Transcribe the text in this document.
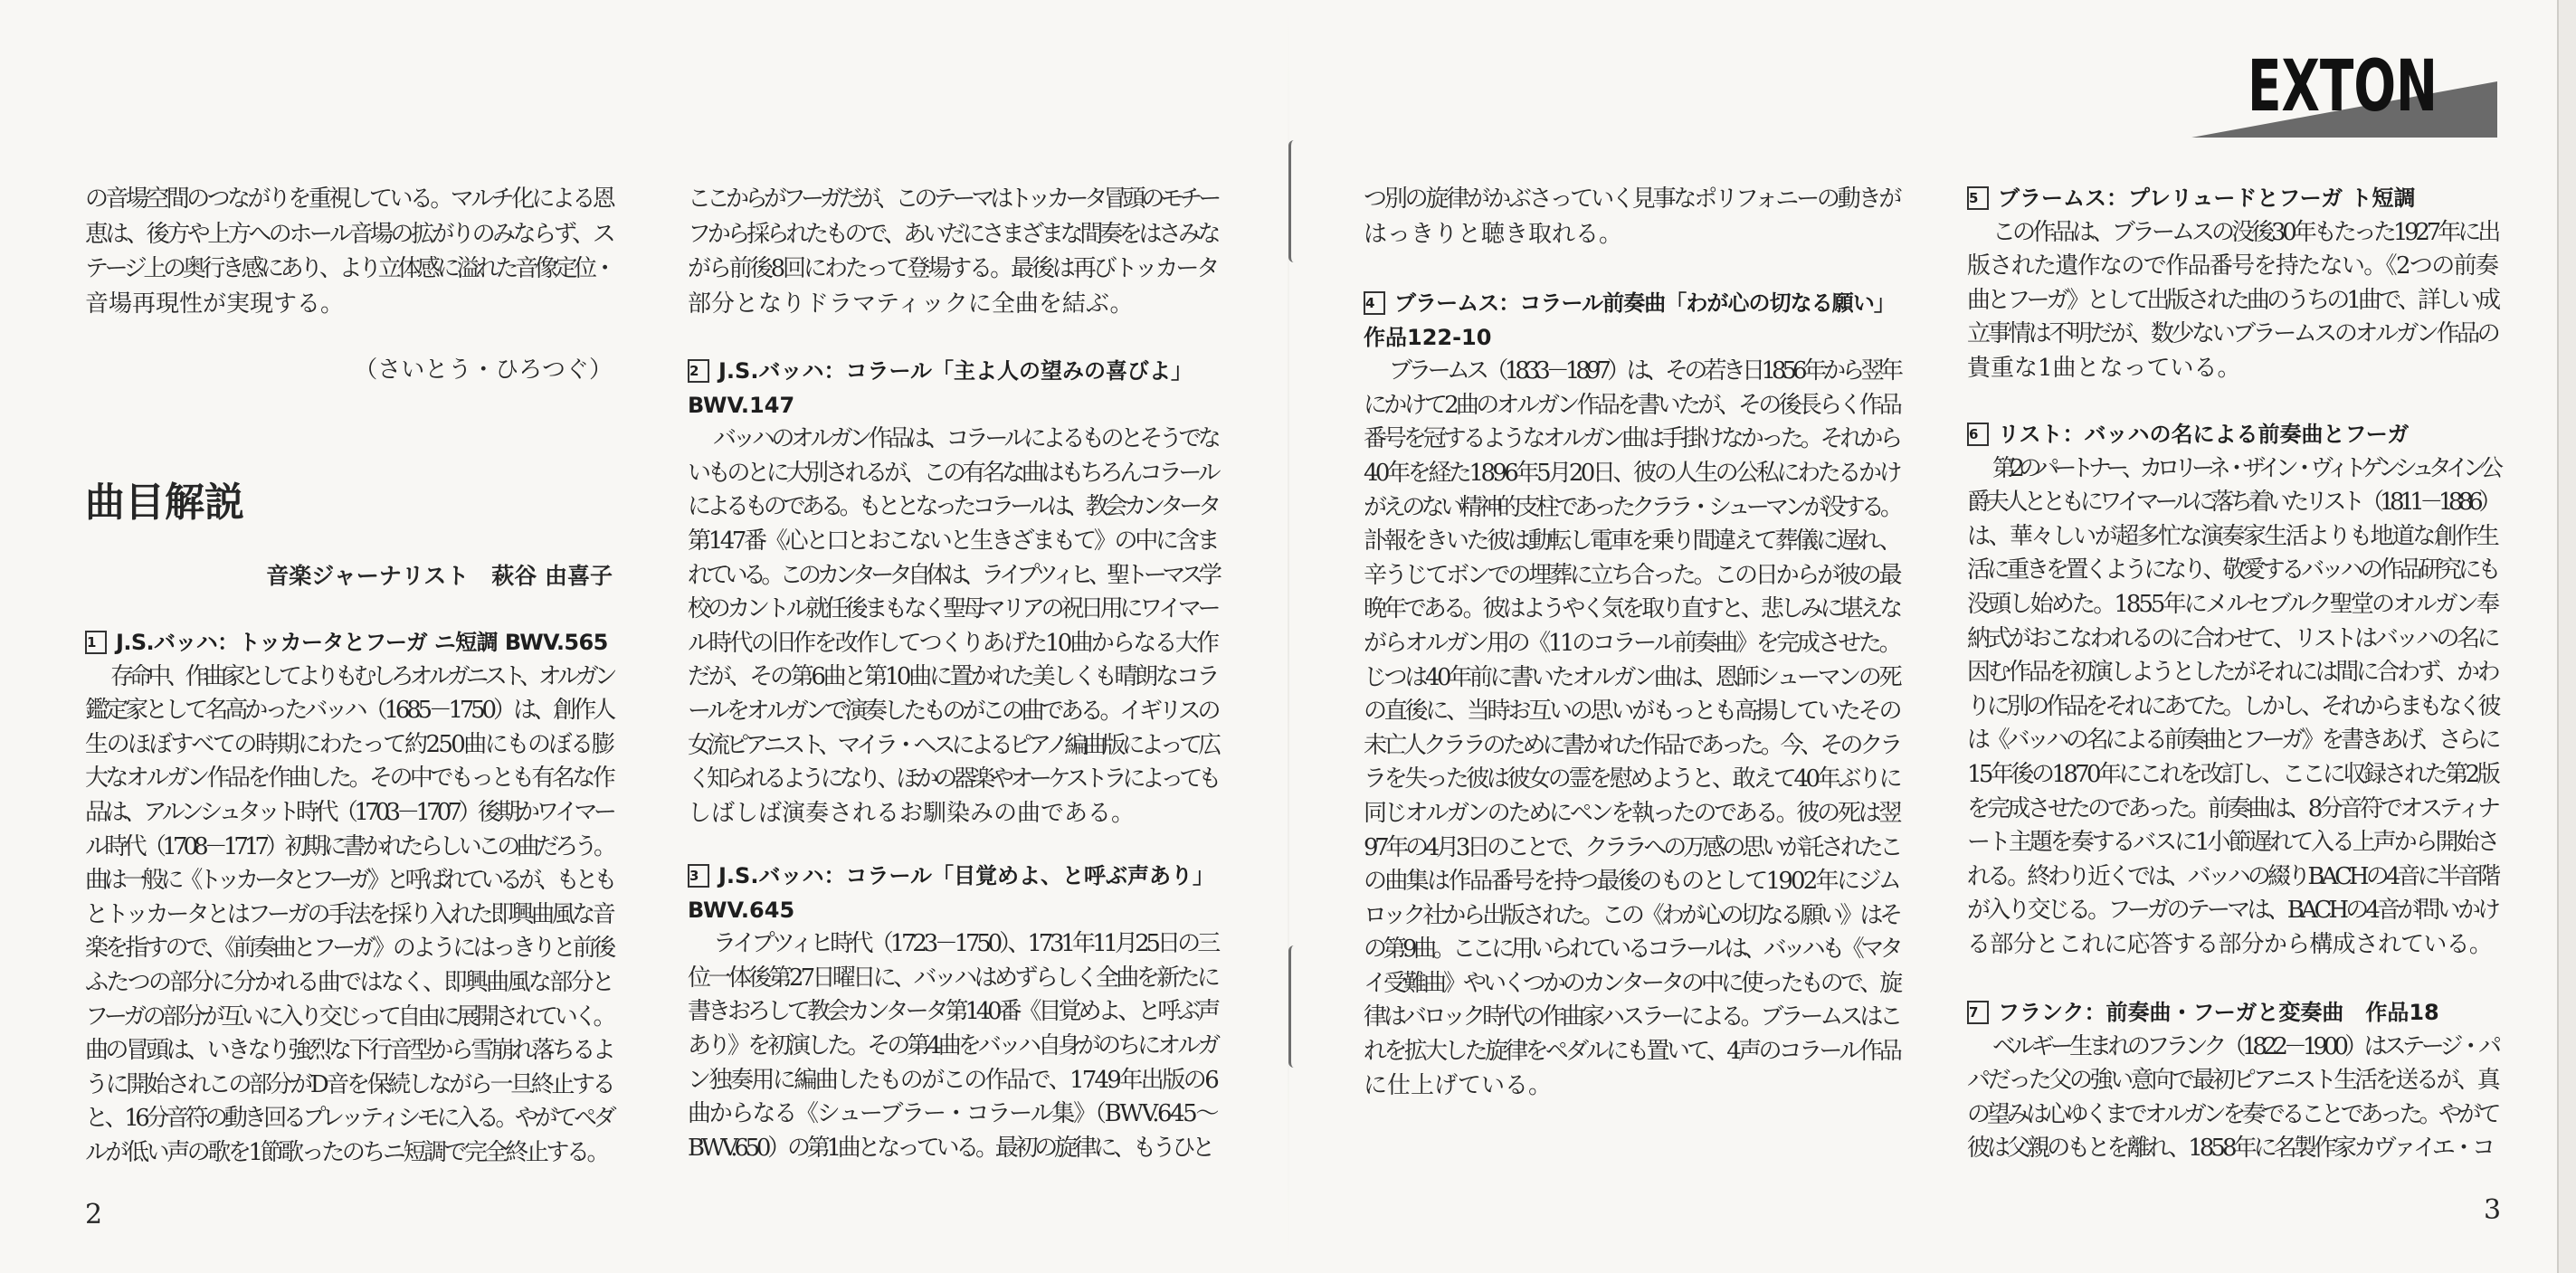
EXTON
の音場空間のつながりを重視している。マルチ化による恩
恵は、後方や上方へのホール音場の拡がりのみならず、ス
テージ上の奥行き感にあり、より立体感に溢れた音像定位・
音場再現性が実現する。
（さいとう・ひろつぐ）
曲目解説
音楽ジャーナリスト　萩谷 由喜子
1 J.S.バッハ：トッカータとフーガ ニ短調 BWV.565
存命中、作曲家としてよりもむしろオルガニスト、オルガン
鑑定家として名高かったバッハ（1685－1750）は、創作人
生のほぼすべての時期にわたって約250曲にものぼる膨
大なオルガン作品を作曲した。その中でもっとも有名な作
品は、アルンシュタット時代（1703－1707）後期かワイマー
ル時代（1708－1717）初期に書かれたらしいこの曲だろう。
曲は一般に《トッカータとフーガ》と呼ばれているが、もとも
とトッカータとはフーガの手法を採り入れた即興曲風な音
楽を指すので、《前奏曲とフーガ》のようにはっきりと前後
ふたつの部分に分かれる曲ではなく、即興曲風な部分と
フーガの部分が互いに入り交じって自由に展開されていく。
曲の冒頭は、いきなり強烈な下行音型から雪崩れ落ちるよ
うに開始されこの部分がD音を保続しながら一旦終止する
と、16分音符の動き回るプレッティシモに入る。やがてペダ
ルが低い声の歌を1節歌ったのちニ短調で完全終止する。
ここからがフーガだが、このテーマはトッカータ冒頭のモチー
フから採られたもので、あいだにさまざまな間奏をはさみな
がら前後8回にわたって登場する。最後は再びトッカータ
部分となりドラマティックに全曲を結ぶ。
2 J.S.バッハ：コラール「主よ人の望みの喜びよ」
BWV.147
バッハのオルガン作品は、コラールによるものとそうでな
いものとに大別されるが、この有名な曲はもちろんコラール
によるものである。もととなったコラールは、教会カンタータ
第147番《心と口とおこないと生きざまもて》の中に含ま
れている。このカンタータ自体は、ライプツィヒ、聖トーマス学
校のカントル就任後まもなく聖母マリアの祝日用にワイマー
ル時代の旧作を改作してつくりあげた10曲からなる大作
だが、その第6曲と第10曲に置かれた美しくも晴朗なコラ
ールをオルガンで演奏したものがこの曲である。イギリスの
女流ピアニスト、マイラ・ヘスによるピアノ編曲版によって広
く知られるようになり、ほかの器楽やオーケストラによっても
しばしば演奏されるお馴染みの曲である。
3 J.S.バッハ：コラール「目覚めよ、と呼ぶ声あり」
BWV.645
ライプツィヒ時代（1723－1750）、1731年11月25日の三
位一体後第27日曜日に、バッハはめずらしく全曲を新たに
書きおろして教会カンタータ第140番《目覚めよ、と呼ぶ声
あり》を初演した。その第4曲をバッハ自身がのちにオルガ
ン独奏用に編曲したものがこの作品で、1749年出版の6
曲からなる《シューブラー・コラール集》（BWV.645～
BWV.650）の第1曲となっている。最初の旋律に、もうひと
つ別の旋律がかぶさっていく見事なポリフォニーの動きが
はっきりと聴き取れる。
4 ブラームス：コラール前奏曲「わが心の切なる願い」
作品122-10
ブラームス（1833－1897）は、その若き日1856年から翌年
にかけて2曲のオルガン作品を書いたが、その後長らく作品
番号を冠するようなオルガン曲は手掛けなかった。それから
40年を経た1896年5月20日、彼の人生の公私にわたるかけ
がえのない精神的支柱であったクララ・シューマンが没する。
訃報をきいた彼は動転し電車を乗り間違えて葬儀に遅れ、
辛うじてボンでの埋葬に立ち合った。この日からが彼の最
晩年である。彼はようやく気を取り直すと、悲しみに堪えな
がらオルガン用の《11のコラール前奏曲》を完成させた。
じつは40年前に書いたオルガン曲は、恩師シューマンの死
の直後に、当時お互いの思いがもっとも高揚していたその
未亡人クララのために書かれた作品であった。今、そのクラ
ラを失った彼は彼女の霊を慰めようと、敢えて40年ぶりに
同じオルガンのためにペンを執ったのである。彼の死は翌
97年の4月3日のことで、クララへの万感の思いが託されたこ
の曲集は作品番号を持つ最後のものとして1902年にジム
ロック社から出版された。この《わが心の切なる願い》はそ
の第9曲。ここに用いられているコラールは、バッハも《マタ
イ受難曲》やいくつかのカンタータの中に使ったもので、旋
律はバロック時代の作曲家ハスラーによる。ブラームスはこ
れを拡大した旋律をペダルにも置いて、4声のコラール作品
に仕上げている。
5 ブラームス：プレリュードとフーガ ト短調
この作品は、ブラームスの没後30年もたった1927年に出
版された遺作なので作品番号を持たない。《2つの前奏
曲とフーガ》として出版された曲のうちの1曲で、詳しい成
立事情は不明だが、数少ないブラームスのオルガン作品の
貴重な1曲となっている。
6 リスト：バッハの名による前奏曲とフーガ
第2のパートナー、カロリーネ・ザイン・ヴィトゲンシュタイン公
爵夫人とともにワイマールに落ち着いたリスト（1811－1886）
は、華々しいが超多忙な演奏家生活よりも地道な創作生
活に重きを置くようになり、敬愛するバッハの作品研究にも
没頭し始めた。1855年にメルセブルク聖堂のオルガン奉
納式がおこなわれるのに合わせて、リストはバッハの名に
因む作品を初演しようとしたがそれには間に合わず、かわ
りに別の作品をそれにあてた。しかし、それからまもなく彼
は《バッハの名による前奏曲とフーガ》を書きあげ、さらに
15年後の1870年にこれを改訂し、ここに収録された第2版
を完成させたのであった。前奏曲は、8分音符でオスティナ
ート主題を奏するバスに1小節遅れて入る上声から開始さ
れる。終わり近くでは、バッハの綴りBACHの4音に半音階
が入り交じる。フーガのテーマは、BACHの4音が問いかけ
る部分とこれに応答する部分から構成されている。
7 フランク：前奏曲・フーガと変奏曲　作品18
ベルギー生まれのフランク（1822－1900）はステージ・パ
パだった父の強い意向で最初ピアニスト生活を送るが、真
の望みは心ゆくまでオルガンを奏でることであった。やがて
彼は父親のもとを離れ、1858年に名製作家カヴァイエ・コ
2	3
